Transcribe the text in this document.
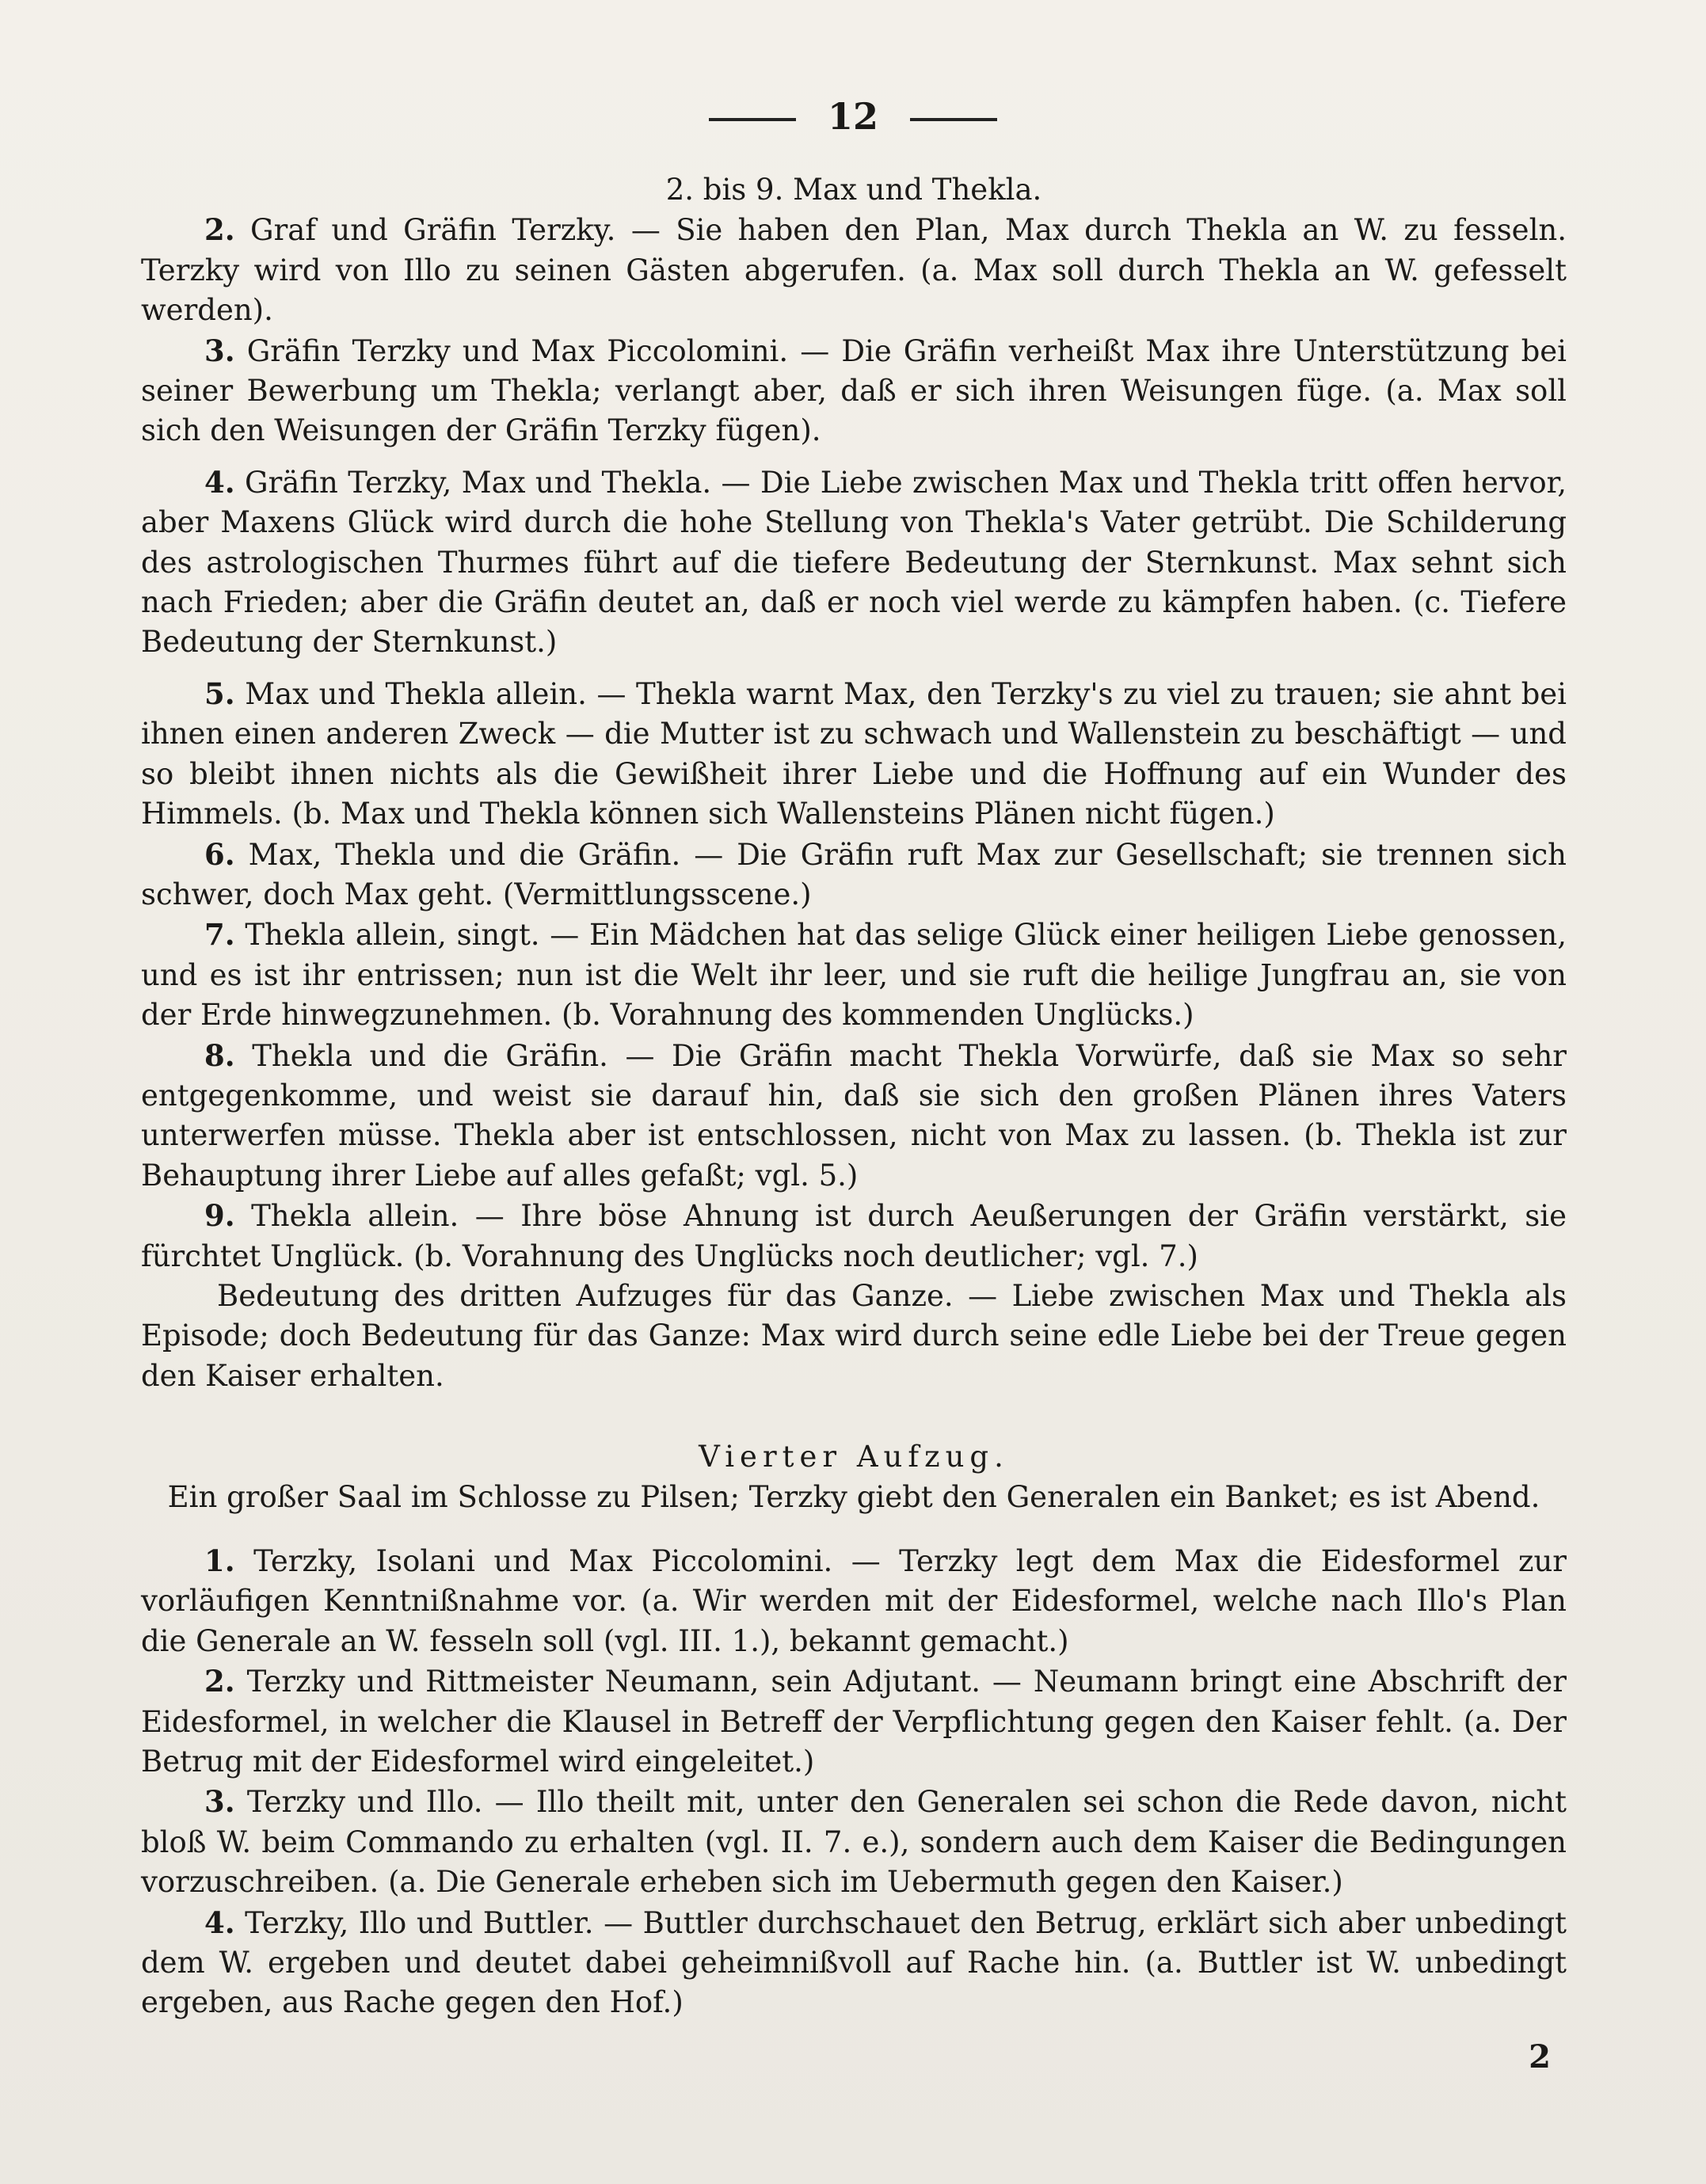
12

2. bis 9. Max und Thekla.

2. Graf und Gräfin Terzky. — Sie haben den Plan, Max durch Thekla an W. zu fesseln. Terzky wird von Illo zu seinen Gästen abgerufen. (a. Max soll durch Thekla an W. gefesselt werden).

3. Gräfin Terzky und Max Piccolomini. — Die Gräfin verheißt Max ihre Unterstützung bei seiner Bewerbung um Thekla; verlangt aber, daß er sich ihren Weisungen füge. (a. Max soll sich den Weisungen der Gräfin Terzky fügen).

4. Gräfin Terzky, Max und Thekla. — Die Liebe zwischen Max und Thekla tritt offen hervor, aber Maxens Glück wird durch die hohe Stellung von Thekla's Vater getrübt. Die Schilderung des astrologischen Thurmes führt auf die tiefere Bedeutung der Sternkunst. Max sehnt sich nach Frieden; aber die Gräfin deutet an, daß er noch viel werde zu kämpfen haben. (c. Tiefere Bedeutung der Sternkunst.)

5. Max und Thekla allein. — Thekla warnt Max, den Terzky's zu viel zu trauen; sie ahnt bei ihnen einen anderen Zweck — die Mutter ist zu schwach und Wallenstein zu beschäftigt — und so bleibt ihnen nichts als die Gewißheit ihrer Liebe und die Hoffnung auf ein Wunder des Himmels. (b. Max und Thekla können sich Wallensteins Plänen nicht fügen.)

6. Max, Thekla und die Gräfin. — Die Gräfin ruft Max zur Gesellschaft; sie trennen sich schwer, doch Max geht. (Vermittlungsscene.)

7. Thekla allein, singt. — Ein Mädchen hat das selige Glück einer heiligen Liebe genossen, und es ist ihr entrissen; nun ist die Welt ihr leer, und sie ruft die heilige Jungfrau an, sie von der Erde hinwegzunehmen. (b. Vorahnung des kommenden Unglücks.)

8. Thekla und die Gräfin. — Die Gräfin macht Thekla Vorwürfe, daß sie Max so sehr entgegenkomme, und weist sie darauf hin, daß sie sich den großen Plänen ihres Vaters unterwerfen müsse. Thekla aber ist entschlossen, nicht von Max zu lassen. (b. Thekla ist zur Behauptung ihrer Liebe auf alles gefaßt; vgl. 5.)

9. Thekla allein. — Ihre böse Ahnung ist durch Aeußerungen der Gräfin verstärkt, sie fürchtet Unglück. (b. Vorahnung des Unglücks noch deutlicher; vgl. 7.)

Bedeutung des dritten Aufzuges für das Ganze. — Liebe zwischen Max und Thekla als Episode; doch Bedeutung für das Ganze: Max wird durch seine edle Liebe bei der Treue gegen den Kaiser erhalten.

Vierter Aufzug.

Ein großer Saal im Schlosse zu Pilsen; Terzky giebt den Generalen ein Banket; es ist Abend.

1. Terzky, Isolani und Max Piccolomini. — Terzky legt dem Max die Eidesformel zur vorläufigen Kenntnißnahme vor. (a. Wir werden mit der Eidesformel, welche nach Illo's Plan die Generale an W. fesseln soll (vgl. III. 1.), bekannt gemacht.)

2. Terzky und Rittmeister Neumann, sein Adjutant. — Neumann bringt eine Abschrift der Eidesformel, in welcher die Klausel in Betreff der Verpflichtung gegen den Kaiser fehlt. (a. Der Betrug mit der Eidesformel wird eingeleitet.)

3. Terzky und Illo. — Illo theilt mit, unter den Generalen sei schon die Rede davon, nicht bloß W. beim Commando zu erhalten (vgl. II. 7. e.), sondern auch dem Kaiser die Bedingungen vorzuschreiben. (a. Die Generale erheben sich im Uebermuth gegen den Kaiser.)

4. Terzky, Illo und Buttler. — Buttler durchschauet den Betrug, erklärt sich aber unbedingt dem W. ergeben und deutet dabei geheimnißvoll auf Rache hin. (a. Buttler ist W. unbedingt ergeben, aus Rache gegen den Hof.)

2
